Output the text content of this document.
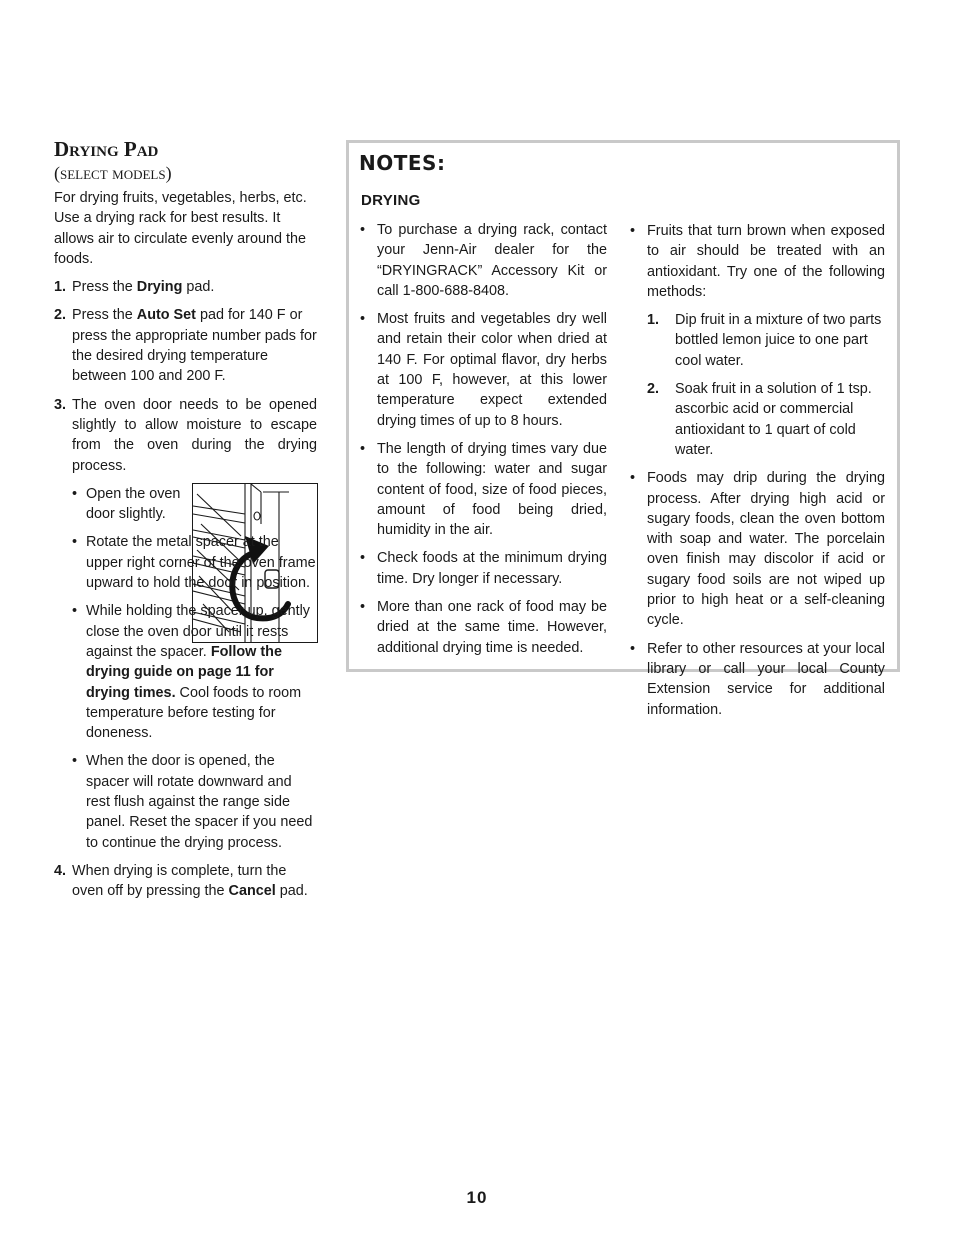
Drying Pad
(select models)

For drying fruits, vegetables, herbs, etc. Use a drying rack for best results. It allows air to circulate evenly around the foods.

1. Press the Drying pad.
2. Press the Auto Set pad for 140 F or press the appropriate number pads for the desired drying temperature between 100 and 200 F.
3. The oven door needs to be opened slightly to allow moisture to escape from the oven during the drying process.

• Open the oven door slightly.
• Rotate the metal spacer at the upper right corner of the oven frame upward to hold the door in position.
• While holding the spacer up, gently close the oven door until it rests against the spacer. Follow the drying guide on page 11 for drying times. Cool foods to room temperature before testing for doneness.
• When the door is opened, the spacer will rotate downward and rest flush against the range side panel. Reset the spacer if you need to continue the drying process.
4. When drying is complete, turn the oven off by pressing the Cancel pad.
NOTES:
DRYING
• To purchase a drying rack, contact your Jenn-Air dealer for the “DRYINGRACK” Accessory Kit or call 1-800-688-8408.
• Most fruits and vegetables dry well and retain their color when dried at 140 F. For optimal flavor, dry herbs at 100 F, however, at this lower temperature expect extended drying times of up to 8 hours.
• The length of drying times vary due to the following: water and sugar content of food, size of food pieces, amount of food being dried, humidity in the air.
• Check foods at the minimum drying time. Dry longer if necessary.
• More than one rack of food may be dried at the same time. However, additional drying time is needed.
• Fruits that turn brown when exposed to air should be treated with an antioxidant. Try one of the following methods:
1. Dip fruit in a mixture of two parts bottled lemon juice to one part cool water.
2. Soak fruit in a solution of 1 tsp. ascorbic acid or commercial antioxidant to 1 quart of cold water.
• Foods may drip during the drying process. After drying high acid or sugary foods, clean the oven bottom with soap and water. The porcelain oven finish may discolor if acid or sugary food soils are not wiped up prior to high heat or a self-cleaning cycle.
• Refer to other resources at your local library or call your local County Extension service for additional information.
10
